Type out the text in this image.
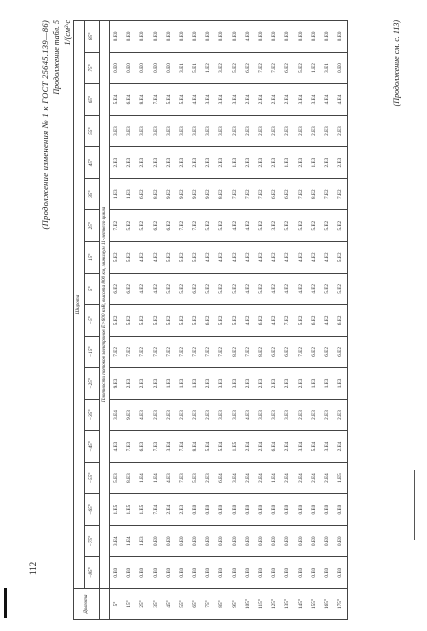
112
(Продолжение изменения № 1 к ГОСТ 25645.139—86) Продолжение табл. 5 1/(см²·с
Долгота	Широта																	
	−85°	−75°	−65°	−55°	−45°	−35°	−25°	−15°	−5°	5°	15°	25°	35°	45°	55°	65°	75°	85°
	Плотности потоков электронов Е>600 кэВ, высота 800 км, минимум 11-летнего цикла																	
5°	0.E0	3.E4	1.E5	5.E3	4.E3	3.E4	9.E3	7.E2	5.E2	6.E2	5.E2	7.E2	1.E3	2.E3	3.E3	5.E4	0.E0	0.E0
15°	0.E0	1.E4	1.E5	8.E3	7.E3	9.E3	2.E3	7.E2	5.E2	6.E2	5.E2	5.E2	1.E3	2.E3	3.E3	6.E4	0.E0	0.E0
25°	0.E0	1.E3	1.E5	1.E4	6.E3	4.E3	2.E3	7.E2	5.E2	4.E2	4.E2	5.E2	6.E2	2.E3	3.E3	8.E4	0.E0	0.E0
35°	0.E0	0.E0	7.E4	1.E4	7.E3	2.E3	2.E3	7.E2	5.E2	4.E2	4.E2	6.E2	8.E2	2.E3	3.E3	7.E4	0.E0	0.E0
45°	0.E0	0.E0	2.E4	4.E3	3.E4	2.E3	1.E3	7.E2	5.E2	5.E2	5.E2	6.E2	9.E2	2.E3	3.E3	5.E4	0.E0	0.E0
55°	0.E0	0.E0	2.E3	7.E3	7.E4	2.E3	1.E3	7.E2	5.E2	5.E2	5.E2	7.E2	9.E2	2.E3	3.E3	5.E4	3.E1	0.E0
65°	0.E0	0.E0	0.E0	5.E3	8.E4	2.E3	1.E3	7.E2	5.E2	6.E2	5.E2	7.E2	9.E2	2.E3	3.E3	4.E4	5.E1	0.E0
75°	0.E0	0.E0	0.E0	2.E3	5.E4	2.E3	2.E3	7.E2	6.E2	5.E2	4.E2	5.E2	9.E2	2.E3	3.E3	3.E4	1.E2	0.E0
85°	0.E0	0.E0	0.E0	6.E4	5.E4	3.E3	3.E3	7.E2	5.E2	5.E2	4.E2	5.E2	8.E2	2.E3	3.E3	3.E4	3.E2	0.E0
95°	0.E0	0.E0	0.E0	3.E4	1.E5	3.E3	3.E3	8.E2	5.E2	5.E2	4.E2	4.E2	7.E2	1.E3	2.E3	3.E4	5.E2	0.E0
105°	0.E0	0.E0	0.E0	2.E4	2.E4	4.E3	2.E3	7.E2	4.E2	4.E2	4.E2	4.E2	7.E2	2.E3	2.E3	2.E4	6.E2	4.E0
115°	0.E0	0.E0	0.E0	2.E4	2.E4	3.E3	2.E3	8.E2	6.E2	5.E2	4.E2	5.E2	7.E2	2.E3	2.E3	2.E4	7.E2	0.E0
125°	0.E0	0.E0	0.E0	1.E4	6.E4	3.E3	2.E3	6.E2	4.E2	4.E2	4.E2	3.E2	6.E2	2.E3	2.E3	2.E4	7.E2	0.E0
135°	0.E0	0.E0	0.E0	2.E4	2.E4	3.E3	2.E3	6.E2	7.E2	4.E2	4.E2	5.E2	6.E2	1.E3	2.E3	2.E4	6.E2	0.E0
145°	0.E0	0.E0	0.E0	2.E4	3.E4	2.E3	2.E3	7.E2	5.E2	4.E2	4.E2	5.E2	7.E2	2.E3	2.E3	3.E4	5.E2	0.E0
155°	0.E0	0.E0	0.E0	2.E4	5.E4	2.E3	1.E3	6.E2	6.E2	4.E2	4.E2	5.E2	8.E2	1.E3	2.E3	3.E4	1.E2	0.E0
165°	0.E0	0.E0	0.E0	2.E4	3.E4	2.E3	1.E3	6.E2	4.E2	5.E2	4.E2	5.E2	7.E2	2.E3	2.E3	4.E4	3.E1	0.E0
175°	0.E0	0.E0	0.E0	1.E5	2.E4	2.E3	1.E3	6.E2	6.E2	5.E2	5.E2	5.E2	7.E2	2.E3	2.E3	4.E4	0.E0	0.E0	(Продолжение см. с. 113)
